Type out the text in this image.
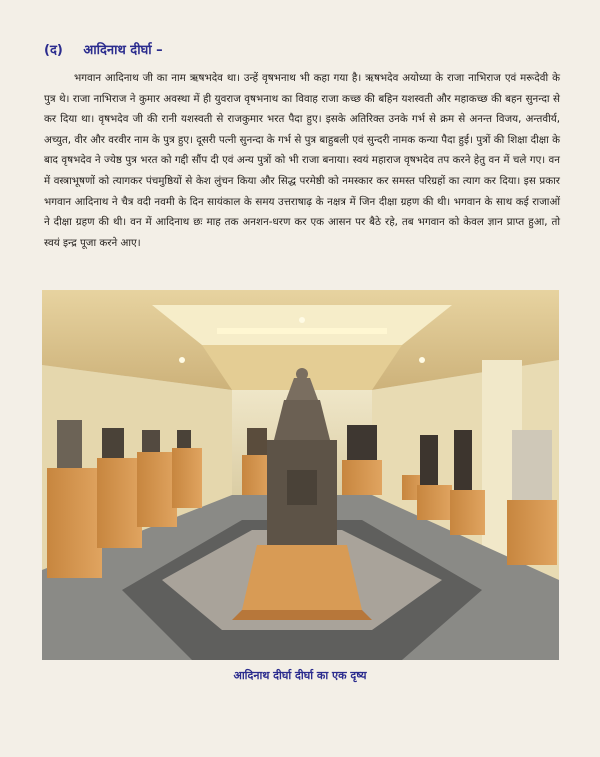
(द) आदिनाथ दीर्घा –

भगवान आदिनाथ जी का नाम ऋषभदेव था। उन्हें वृषभनाथ भी कहा गया है। ऋषभदेव अयोध्या के राजा नाभिराज एवं मरूदेवी के पुत्र थे। राजा नाभिराज ने कुमार अवस्था में ही युवराज वृषभनाथ का विवाह राजा कच्छ की बहिन यशस्वती और महाकच्छ की बहन सुनन्दा से कर दिया था। वृषभदेव जी की रानी यशस्वती से राजकुमार भरत पैदा हुए। इसके अतिरिक्त उनके गर्भ से क्रम से अनन्त विजय, अन्तवीर्य, अच्युत, वीर और वरवीर नाम के पुत्र हुए। दूसरी पत्नी सुनन्दा के गर्भ से पुत्र बाहुबली एवं सुन्दरी नामक कन्या पैदा हुई। पुत्रों की शिक्षा दीक्षा के बाद वृषभदेव ने ज्येष्ठ पुत्र भरत को गद्दी सौंप दी एवं अन्य पुत्रों को भी राजा बनाया। स्वयं महाराज वृषभदेव तप करने हेतु वन में चले गए। वन में वस्त्राभूषणों को त्यागकर पंचमुष्ठियों से केश लुंचन किया और सिद्ध परमेष्ठी को नमस्कार कर समस्त परिग्रहों का त्याग कर दिया। इस प्रकार भगवान आदिनाथ ने चैत्र वदी नवमी के दिन सायंकाल के समय उत्तराषाढ़ के नक्षत्र में जिन दीक्षा ग्रहण की थी। भगवान के साथ कई राजाओं ने दीक्षा ग्रहण की थी। वन में आदिनाथ छः माह तक अनशन-धरण कर एक आसन पर बैठे रहे, तब भगवान को केवल ज्ञान प्राप्त हुआ, तो स्वयं इन्द्र पूजा करने आए।

आदिनाथ दीर्घा दीर्घा का एक दृष्य
